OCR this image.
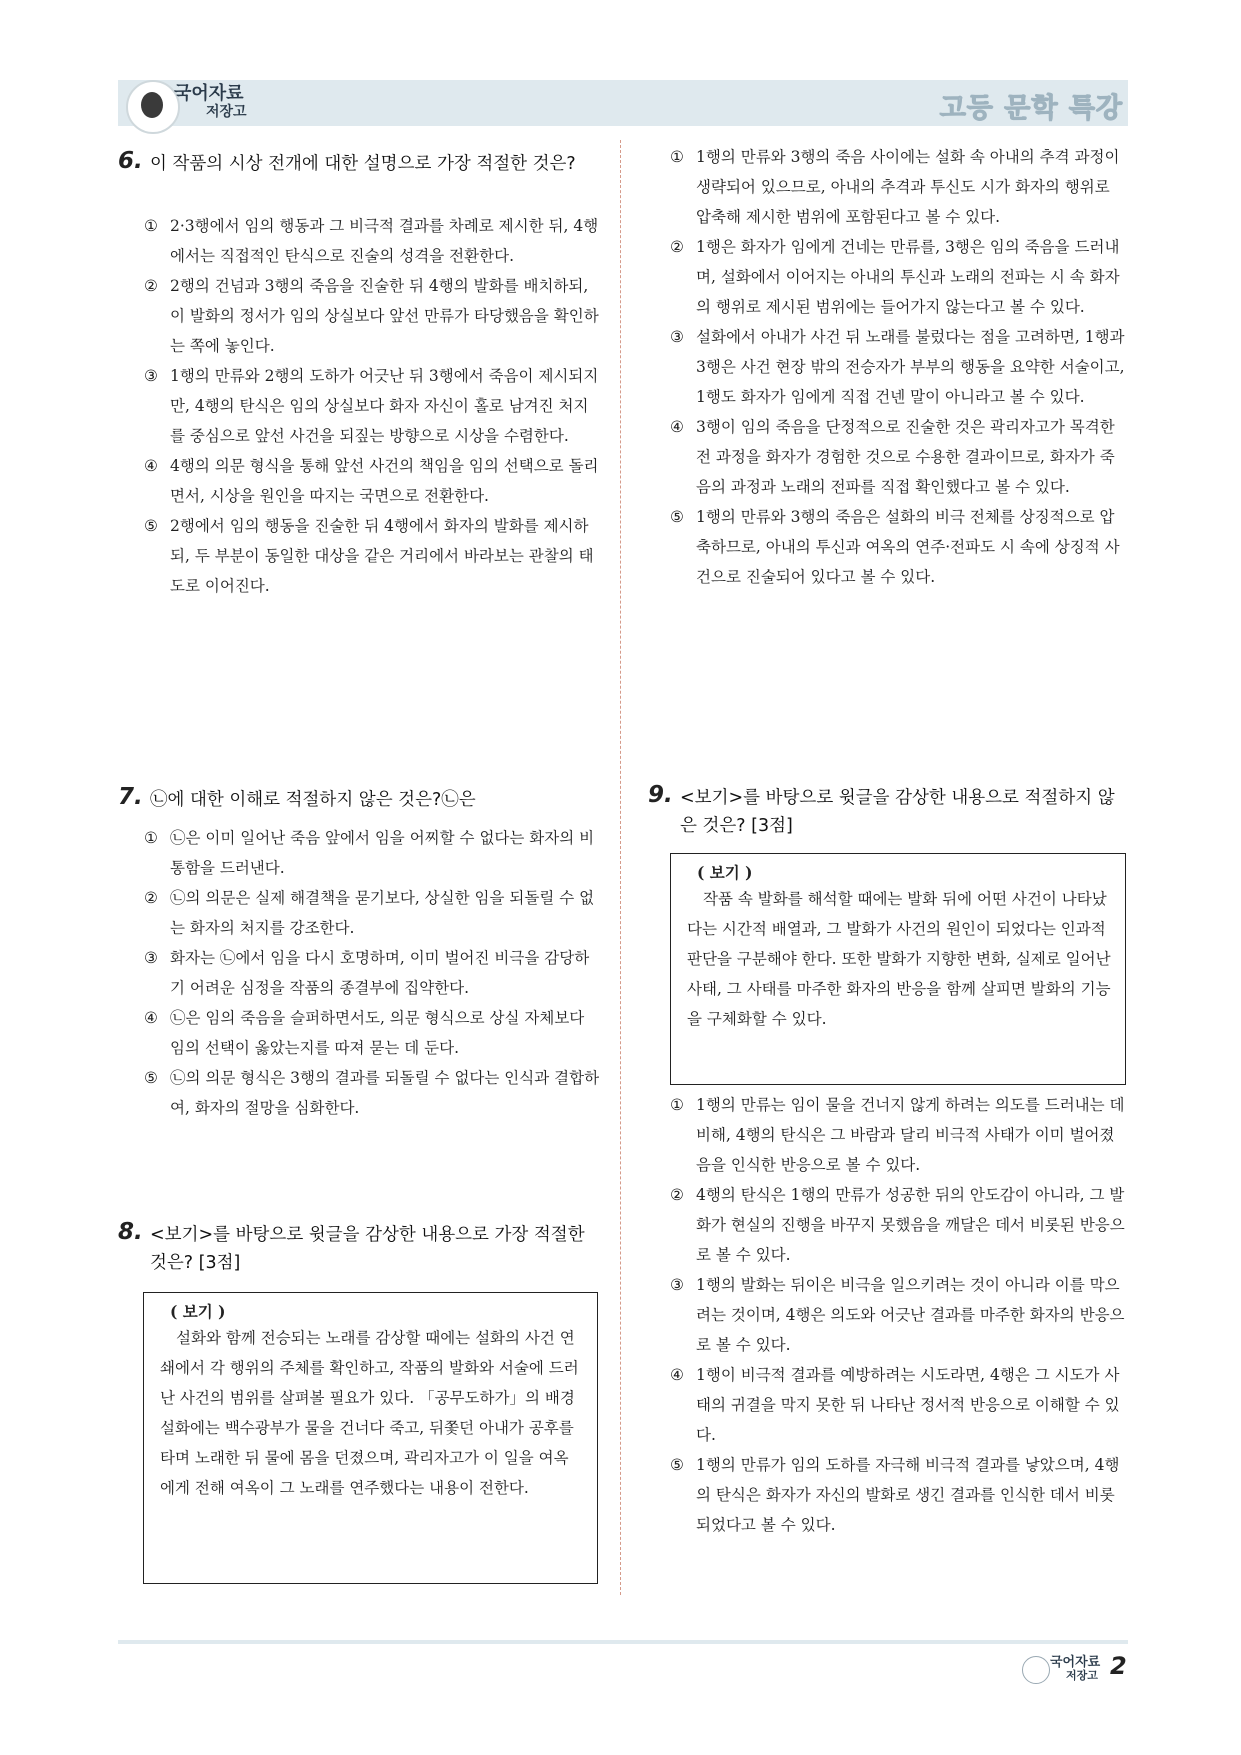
국어자료
저장고	고등 문학 특강
6. 이 작품의 시상 전개에 대한 설명으로 가장 적절한 것은?
① 2·3행에서 임의 행동과 그 비극적 결과를 차례로 제시한 뒤, 4행에서는 직접적인 탄식으로 진술의 성격을 전환한다.
② 2행의 건넘과 3행의 죽음을 진술한 뒤 4행의 발화를 배치하되, 이 발화의 정서가 임의 상실보다 앞선 만류가 타당했음을 확인하는 쪽에 놓인다.
③ 1행의 만류와 2행의 도하가 어긋난 뒤 3행에서 죽음이 제시되지만, 4행의 탄식은 임의 상실보다 화자 자신이 홀로 남겨진 처지를 중심으로 앞선 사건을 되짚는 방향으로 시상을 수렴한다.
④ 4행의 의문 형식을 통해 앞선 사건의 책임을 임의 선택으로 돌리면서, 시상을 원인을 따지는 국면으로 전환한다.
⑤ 2행에서 임의 행동을 진술한 뒤 4행에서 화자의 발화를 제시하되, 두 부분이 동일한 대상을 같은 거리에서 바라보는 관찰의 태도로 이어진다.
7. ㉡에 대한 이해로 적절하지 않은 것은?㉡은
① ㉡은 이미 일어난 죽음 앞에서 임을 어찌할 수 없다는 화자의 비통함을 드러낸다.
② ㉡의 의문은 실제 해결책을 묻기보다, 상실한 임을 되돌릴 수 없는 화자의 처지를 강조한다.
③ 화자는 ㉡에서 임을 다시 호명하며, 이미 벌어진 비극을 감당하기 어려운 심정을 작품의 종결부에 집약한다.
④ ㉡은 임의 죽음을 슬퍼하면서도, 의문 형식으로 상실 자체보다 임의 선택이 옳았는지를 따져 묻는 데 둔다.
⑤ ㉡의 의문 형식은 3행의 결과를 되돌릴 수 없다는 인식과 결합하여, 화자의 절망을 심화한다.
8. <보기>를 바탕으로 윗글을 감상한 내용으로 가장 적절한 것은? [3점]
( 보기 )
설화와 함께 전승되는 노래를 감상할 때에는 설화의 사건 연쇄에서 각 행위의 주체를 확인하고, 작품의 발화와 서술에 드러난 사건의 범위를 살펴볼 필요가 있다. 「공무도하가」의 배경 설화에는 백수광부가 물을 건너다 죽고, 뒤쫓던 아내가 공후를 타며 노래한 뒤 물에 몸을 던졌으며, 곽리자고가 이 일을 여옥에게 전해 여옥이 그 노래를 연주했다는 내용이 전한다.
① 1행의 만류와 3행의 죽음 사이에는 설화 속 아내의 추격 과정이 생략되어 있으므로, 아내의 추격과 투신도 시가 화자의 행위로 압축해 제시한 범위에 포함된다고 볼 수 있다.
② 1행은 화자가 임에게 건네는 만류를, 3행은 임의 죽음을 드러내며, 설화에서 이어지는 아내의 투신과 노래의 전파는 시 속 화자의 행위로 제시된 범위에는 들어가지 않는다고 볼 수 있다.
③ 설화에서 아내가 사건 뒤 노래를 불렀다는 점을 고려하면, 1행과 3행은 사건 현장 밖의 전승자가 부부의 행동을 요약한 서술이고, 1행도 화자가 임에게 직접 건넨 말이 아니라고 볼 수 있다.
④ 3행이 임의 죽음을 단정적으로 진술한 것은 곽리자고가 목격한 전 과정을 화자가 경험한 것으로 수용한 결과이므로, 화자가 죽음의 과정과 노래의 전파를 직접 확인했다고 볼 수 있다.
⑤ 1행의 만류와 3행의 죽음은 설화의 비극 전체를 상징적으로 압축하므로, 아내의 투신과 여옥의 연주·전파도 시 속에 상징적 사건으로 진술되어 있다고 볼 수 있다.
9. <보기>를 바탕으로 윗글을 감상한 내용으로 적절하지 않은 것은? [3점]
( 보기 )
작품 속 발화를 해석할 때에는 발화 뒤에 어떤 사건이 나타났다는 시간적 배열과, 그 발화가 사건의 원인이 되었다는 인과적 판단을 구분해야 한다. 또한 발화가 지향한 변화, 실제로 일어난 사태, 그 사태를 마주한 화자의 반응을 함께 살피면 발화의 기능을 구체화할 수 있다.
① 1행의 만류는 임이 물을 건너지 않게 하려는 의도를 드러내는 데 비해, 4행의 탄식은 그 바람과 달리 비극적 사태가 이미 벌어졌음을 인식한 반응으로 볼 수 있다.
② 4행의 탄식은 1행의 만류가 성공한 뒤의 안도감이 아니라, 그 발화가 현실의 진행을 바꾸지 못했음을 깨달은 데서 비롯된 반응으로 볼 수 있다.
③ 1행의 발화는 뒤이은 비극을 일으키려는 것이 아니라 이를 막으려는 것이며, 4행은 의도와 어긋난 결과를 마주한 화자의 반응으로 볼 수 있다.
④ 1행이 비극적 결과를 예방하려는 시도라면, 4행은 그 시도가 사태의 귀결을 막지 못한 뒤 나타난 정서적 반응으로 이해할 수 있다.
⑤ 1행의 만류가 임의 도하를 자극해 비극적 결과를 낳았으며, 4행의 탄식은 화자가 자신의 발화로 생긴 결과를 인식한 데서 비롯되었다고 볼 수 있다.
국어자료
저장고 2
